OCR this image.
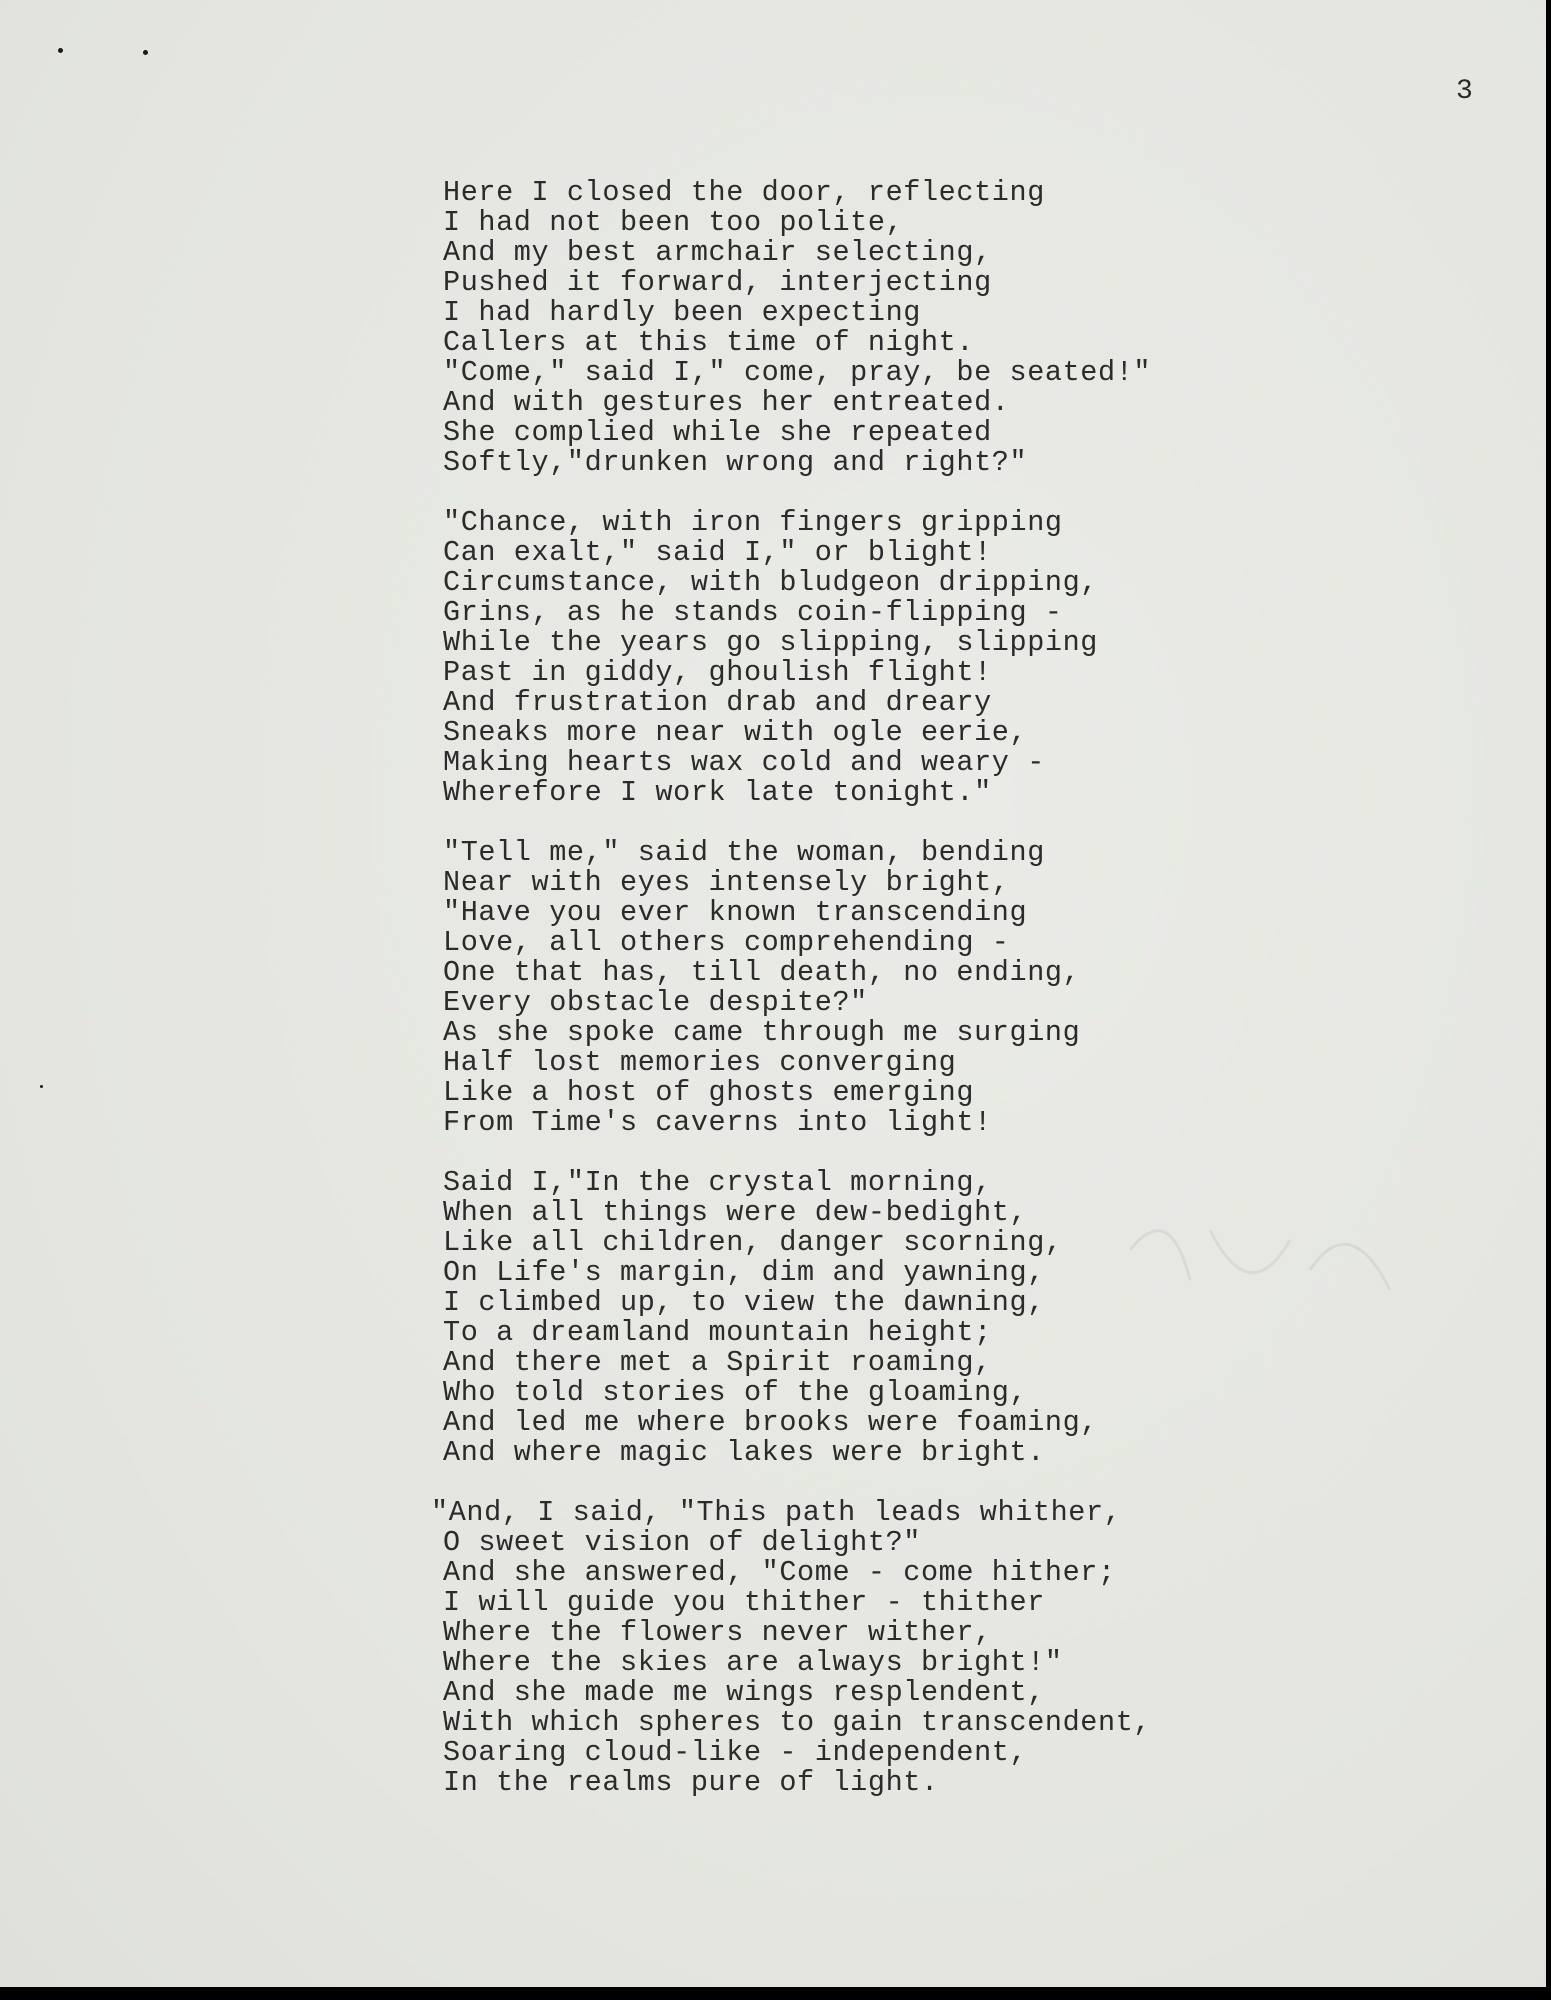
3
Here I closed the door, reflecting
I had not been too polite,
And my best armchair selecting,
Pushed it forward, interjecting
I had hardly been expecting
Callers at this time of night.
"Come," said I," come, pray, be seated!"
And with gestures her entreated.
She complied while she repeated
Softly,"drunken wrong and right?"
"Chance, with iron fingers gripping
Can exalt," said I," or blight!
Circumstance, with bludgeon dripping,
Grins, as he stands coin-flipping -
While the years go slipping, slipping
Past in giddy, ghoulish flight!
And frustration drab and dreary
Sneaks more near with ogle eerie,
Making hearts wax cold and weary -
Wherefore I work late tonight."
"Tell me," said the woman, bending
Near with eyes intensely bright,
"Have you ever known transcending
Love, all others comprehending -
One that has, till death, no ending,
Every obstacle despite?"
As she spoke came through me surging
Half lost memories converging
Like a host of ghosts emerging
From Time's caverns into light!
Said I,"In the crystal morning,
When all things were dew-bedight,
Like all children, danger scorning,
On Life's margin, dim and yawning,
I climbed up, to view the dawning,
To a dreamland mountain height;
And there met a Spirit roaming,
Who told stories of the gloaming,
And led me where brooks were foaming,
And where magic lakes were bright.
"And, I said, "This path leads whither,
O sweet vision of delight?"
And she answered, "Come - come hither;
I will guide you thither - thither
Where the flowers never wither,
Where the skies are always bright!"
And she made me wings resplendent,
With which spheres to gain transcendent,
Soaring cloud-like - independent,
In the realms pure of light.
